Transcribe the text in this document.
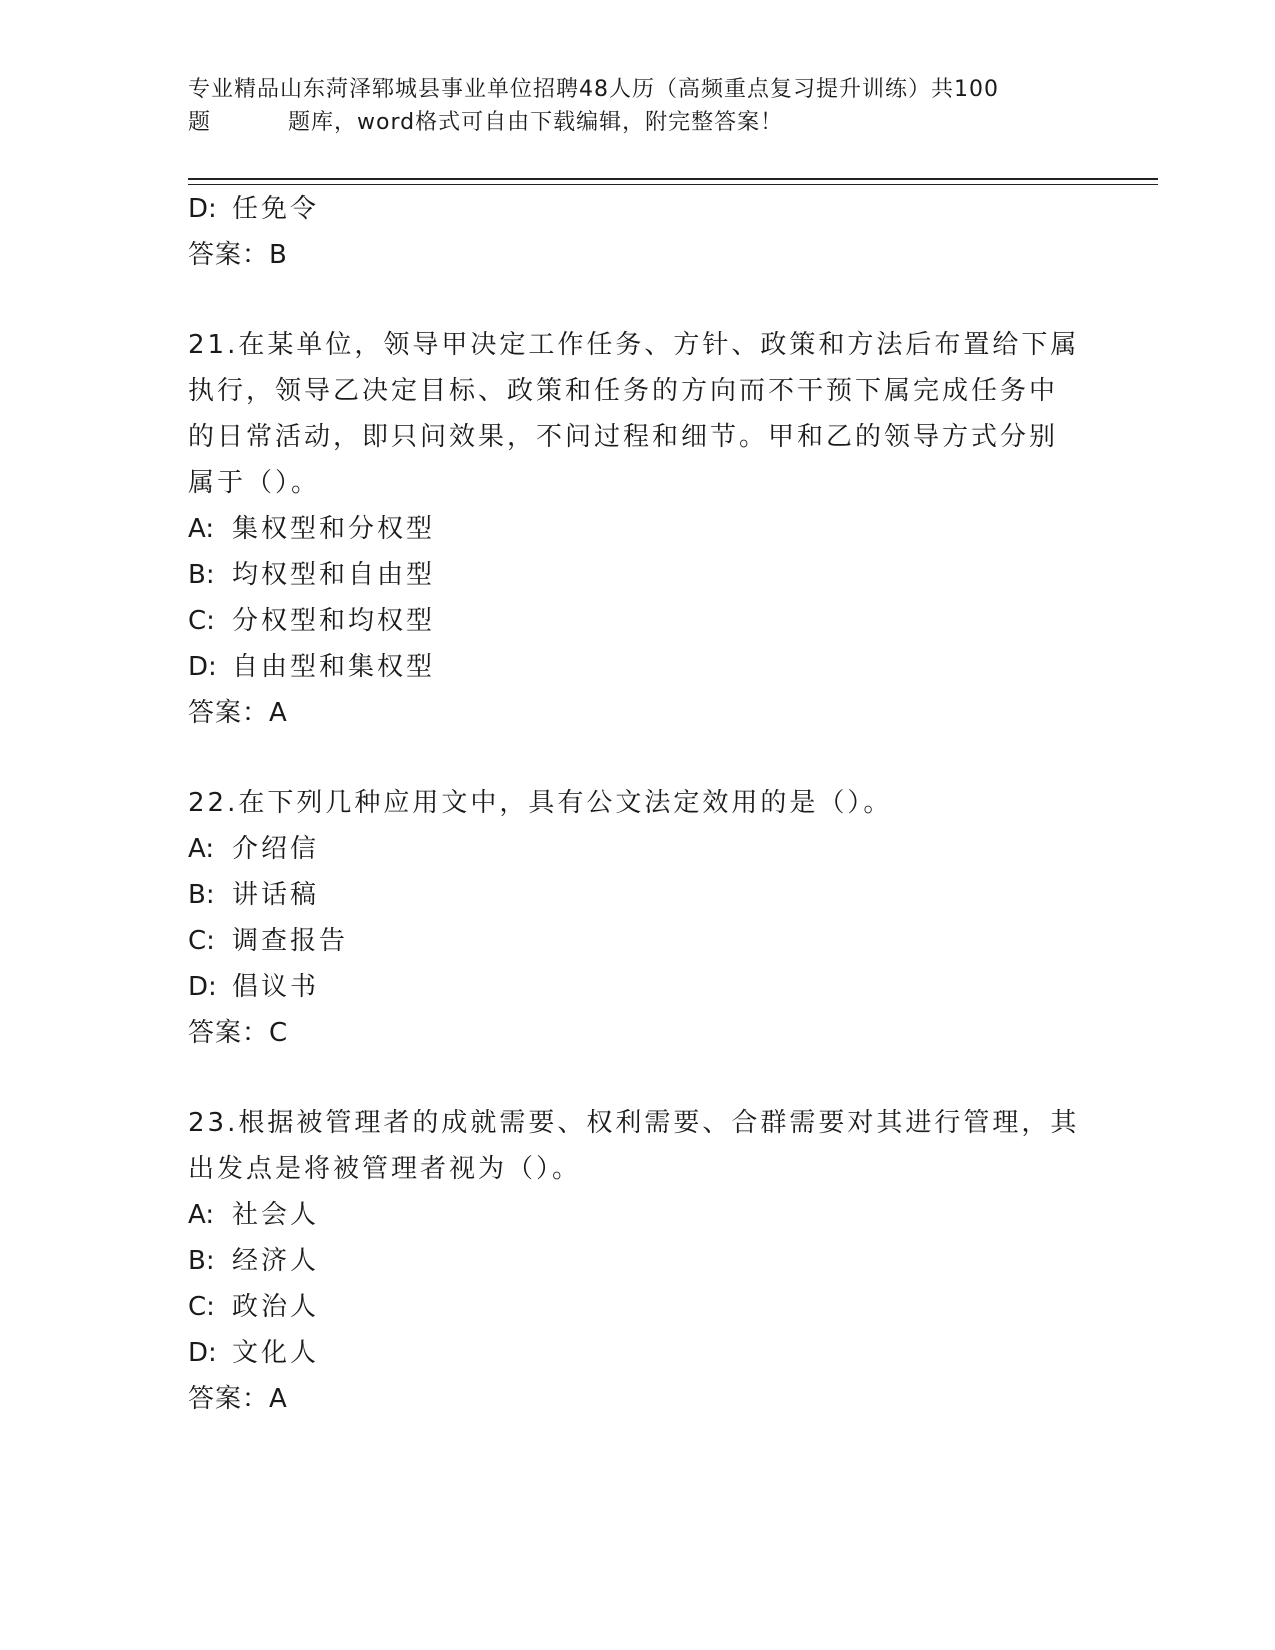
专业精品山东菏泽郓城县事业单位招聘48人历（高频重点复习提升训练）共100
题	题库，word格式可自由下载编辑，附完整答案！
D: 任免令
答案：B

21.在某单位，领导甲决定工作任务、方针、政策和方法后布置给下属

执行，领导乙决定目标、政策和任务的方向而不干预下属完成任务中

的日常活动，即只问效果，不问过程和细节。甲和乙的领导方式分别

属于（）。

A: 集权型和分权型
B: 均权型和自由型
C: 分权型和均权型
D: 自由型和集权型
答案：A

22.在下列几种应用文中，具有公文法定效用的是（）。

A: 介绍信
B: 讲话稿
C: 调查报告
D: 倡议书
答案：C

23.根据被管理者的成就需要、权利需要、合群需要对其进行管理，其

出发点是将被管理者视为（）。

A: 社会人
B: 经济人
C: 政治人
D: 文化人
答案：A
